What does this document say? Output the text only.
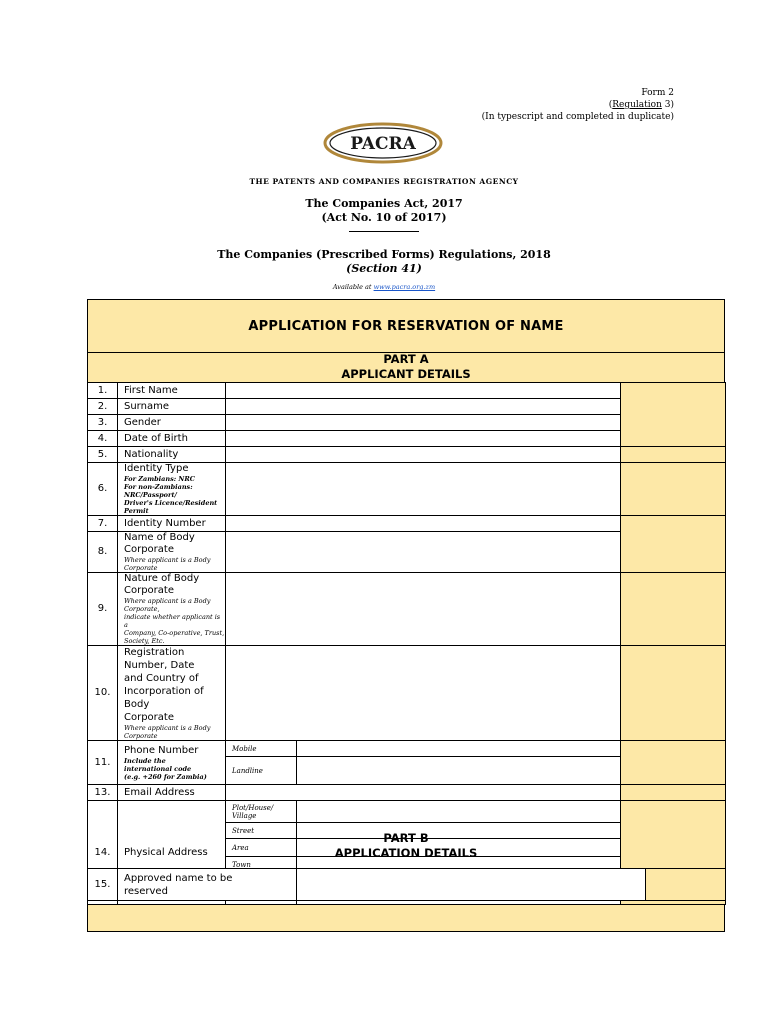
Form 2
(Regulation 3)
(In typescript and completed in duplicate)
PACRA
THE PATENTS AND COMPANIES REGISTRATION AGENCY
The Companies Act, 2017
(Act No. 10 of 2017)
The Companies (Prescribed Forms) Regulations, 2018
(Section 41)
Available at www.pacra.org.zm
APPLICATION FOR RESERVATION OF NAME
PART A
APPLICANT DETAILS
1.	First Name			
2.	Surname			
3.	Gender			
4.	Date of Birth			
5.	Nationality			
6.	Identity Type
For Zambians: NRC
For non-Zambians: NRC/Passport/
Driver's Licence/Resident Permit			

7.	Identity Number			
8.	Name of Body Corporate
Where applicant is a Body Corporate			

9.	Nature of Body Corporate
Where applicant is a Body Corporate,
indicate whether applicant is a
Company, Co-operative, Trust,
Society, Etc.			

10.	Registration Number, Date
and Country of
Incorporation of Body
Corporate
Where applicant is a Body Corporate			

11.	Phone Number
Include the
international code
(e.g. +260 for Zambia)	Mobile		
		Landline		
13.	Email Address			
14.	Physical Address	Plot/House/
Village		
		Street		
		Area		
		Town		

PART B
APPLICATION DETAILS
15.	Approved name to be
reserved		
